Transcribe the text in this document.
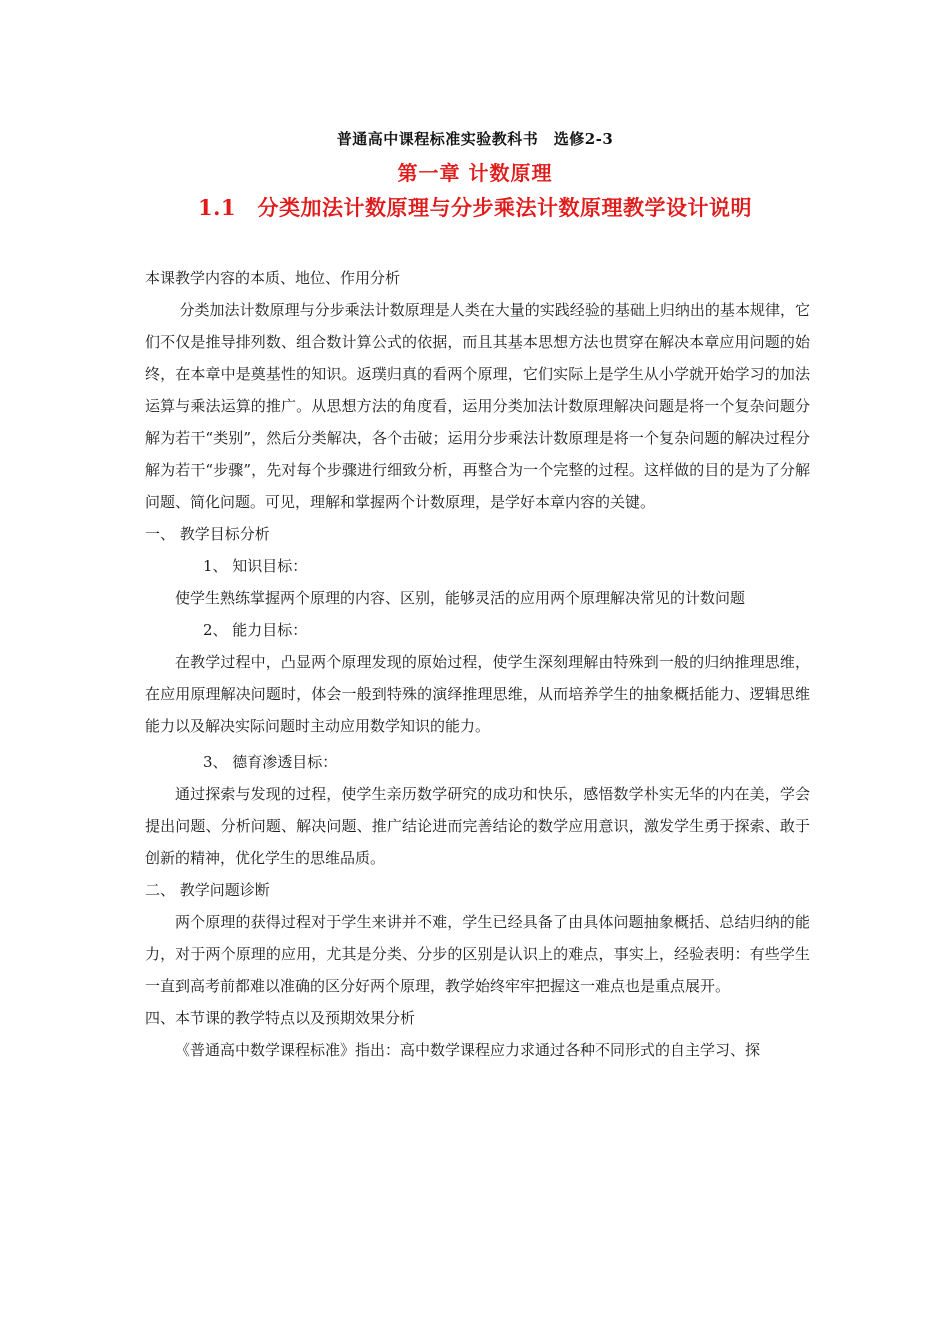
普通高中课程标准实验教科书　选修2-3
第一章 计数原理
1.1　分类加法计数原理与分步乘法计数原理教学设计说明

本课教学内容的本质、地位、作用分析

分类加法计数原理与分步乘法计数原理是人类在大量的实践经验的基础上归纳出的基本规律，它们不仅是推导排列数、组合数计算公式的依据，而且其基本思想方法也贯穿在解决本章应用问题的始终，在本章中是奠基性的知识。返璞归真的看两个原理，它们实际上是学生从小学就开始学习的加法运算与乘法运算的推广。从思想方法的角度看，运用分类加法计数原理解决问题是将一个复杂问题分解为若干“类别”，然后分类解决，各个击破；运用分步乘法计数原理是将一个复杂问题的解决过程分解为若干“步骤”，先对每个步骤进行细致分析，再整合为一个完整的过程。这样做的目的是为了分解问题、简化问题。可见，理解和掌握两个计数原理，是学好本章内容的关键。

一、 教学目标分析

1、 知识目标：

使学生熟练掌握两个原理的内容、区别，能够灵活的应用两个原理解决常见的计数问题

2、 能力目标：

在教学过程中，凸显两个原理发现的原始过程，使学生深刻理解由特殊到一般的归纳推理思维，在应用原理解决问题时，体会一般到特殊的演绎推理思维，从而培养学生的抽象概括能力、逻辑思维能力以及解决实际问题时主动应用数学知识的能力。

3、 德育渗透目标：

通过探索与发现的过程，使学生亲历数学研究的成功和快乐，感悟数学朴实无华的内在美，学会提出问题、分析问题、解决问题、推广结论进而完善结论的数学应用意识，激发学生勇于探索、敢于创新的精神，优化学生的思维品质。

二、 教学问题诊断

两个原理的获得过程对于学生来讲并不难，学生已经具备了由具体问题抽象概括、总结归纳的能力，对于两个原理的应用，尤其是分类、分步的区别是认识上的难点，事实上，经验表明：有些学生一直到高考前都难以准确的区分好两个原理，教学始终牢牢把握这一难点也是重点展开。

四、本节课的教学特点以及预期效果分析

《普通高中数学课程标准》指出：高中数学课程应力求通过各种不同形式的自主学习、探
